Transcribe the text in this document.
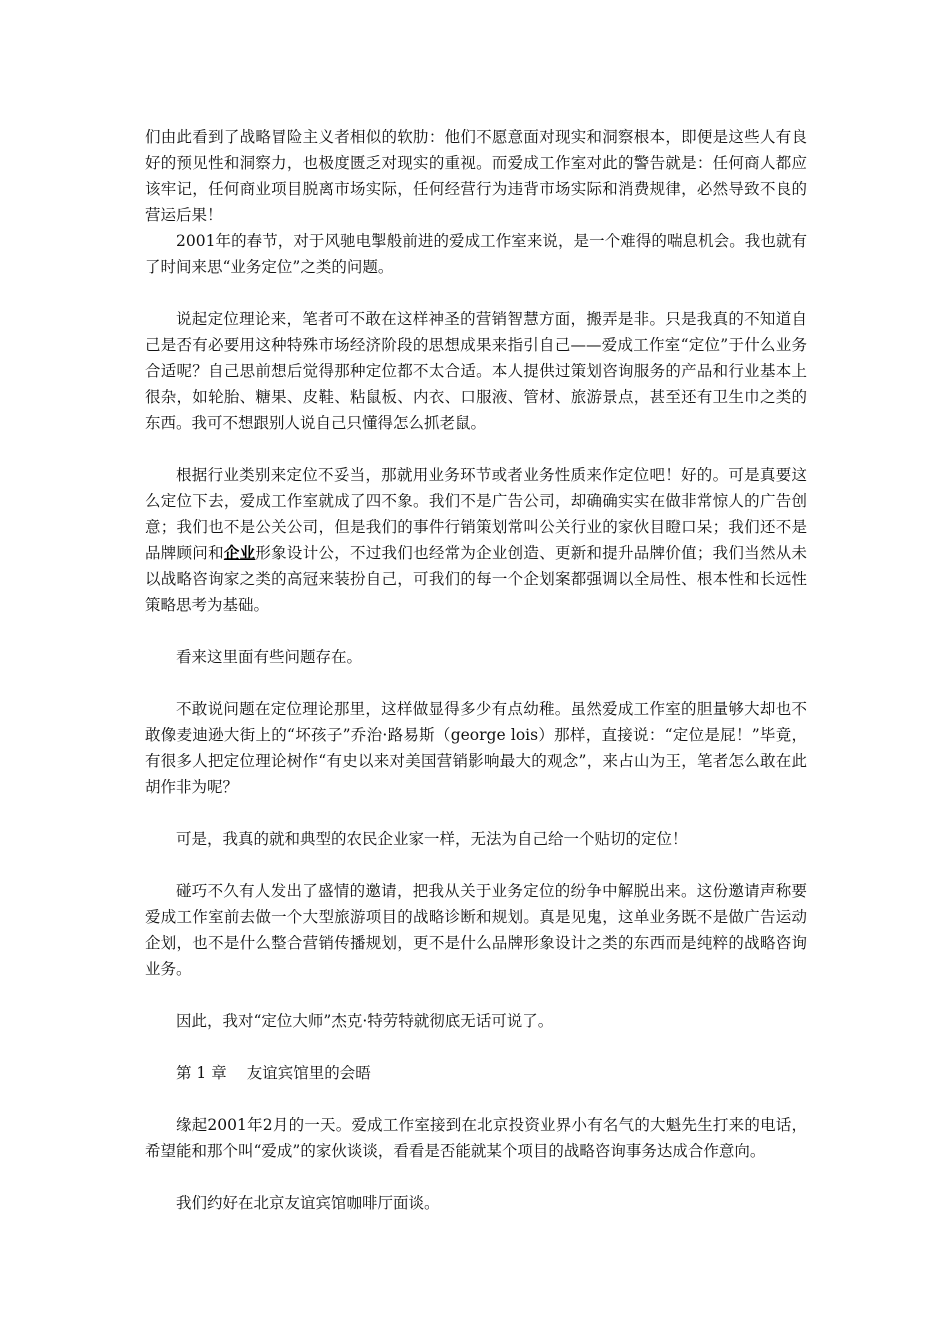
们由此看到了战略冒险主义者相似的软肋：他们不愿意面对现实和洞察根本，即便是这些人有良好的预见性和洞察力，也极度匮乏对现实的重视。而爱成工作室对此的警告就是：任何商人都应该牢记，任何商业项目脱离市场实际，任何经营行为违背市场实际和消费规律，必然导致不良的营运后果！

2001年的春节，对于风驰电掣般前进的爱成工作室来说，是一个难得的喘息机会。我也就有了时间来思“业务定位”之类的问题。

说起定位理论来，笔者可不敢在这样神圣的营销智慧方面，搬弄是非。只是我真的不知道自己是否有必要用这种特殊市场经济阶段的思想成果来指引自己——爱成工作室“定位”于什么业务合适呢？自己思前想后觉得那种定位都不太合适。本人提供过策划咨询服务的产品和行业基本上很杂，如轮胎、糖果、皮鞋、粘鼠板、内衣、口服液、管材、旅游景点，甚至还有卫生巾之类的东西。我可不想跟别人说自己只懂得怎么抓老鼠。

根据行业类别来定位不妥当，那就用业务环节或者业务性质来作定位吧！好的。可是真要这么定位下去，爱成工作室就成了四不象。我们不是广告公司，却确确实实在做非常惊人的广告创意；我们也不是公关公司，但是我们的事件行销策划常叫公关行业的家伙目瞪口呆；我们还不是品牌顾问和企业形象设计公，不过我们也经常为企业创造、更新和提升品牌价值；我们当然从未以战略咨询家之类的高冠来装扮自己，可我们的每一个企划案都强调以全局性、根本性和长远性策略思考为基础。

看来这里面有些问题存在。

不敢说问题在定位理论那里，这样做显得多少有点幼稚。虽然爱成工作室的胆量够大却也不敢像麦迪逊大街上的“坏孩子”乔治·路易斯（george lois）那样，直接说：“定位是屁！”毕竟，有很多人把定位理论树作“有史以来对美国营销影响最大的观念”，来占山为王，笔者怎么敢在此胡作非为呢？

可是，我真的就和典型的农民企业家一样，无法为自己给一个贴切的定位！

碰巧不久有人发出了盛情的邀请，把我从关于业务定位的纷争中解脱出来。这份邀请声称要爱成工作室前去做一个大型旅游项目的战略诊断和规划。真是见鬼，这单业务既不是做广告运动企划，也不是什么整合营销传播规划，更不是什么品牌形象设计之类的东西而是纯粹的战略咨询业务。

因此，我对“定位大师”杰克·特劳特就彻底无话可说了。

第 1 章 友谊宾馆里的会晤

缘起2001年2月的一天。爱成工作室接到在北京投资业界小有名气的大魁先生打来的电话，希望能和那个叫“爱成”的家伙谈谈，看看是否能就某个项目的战略咨询事务达成合作意向。

我们约好在北京友谊宾馆咖啡厅面谈。
